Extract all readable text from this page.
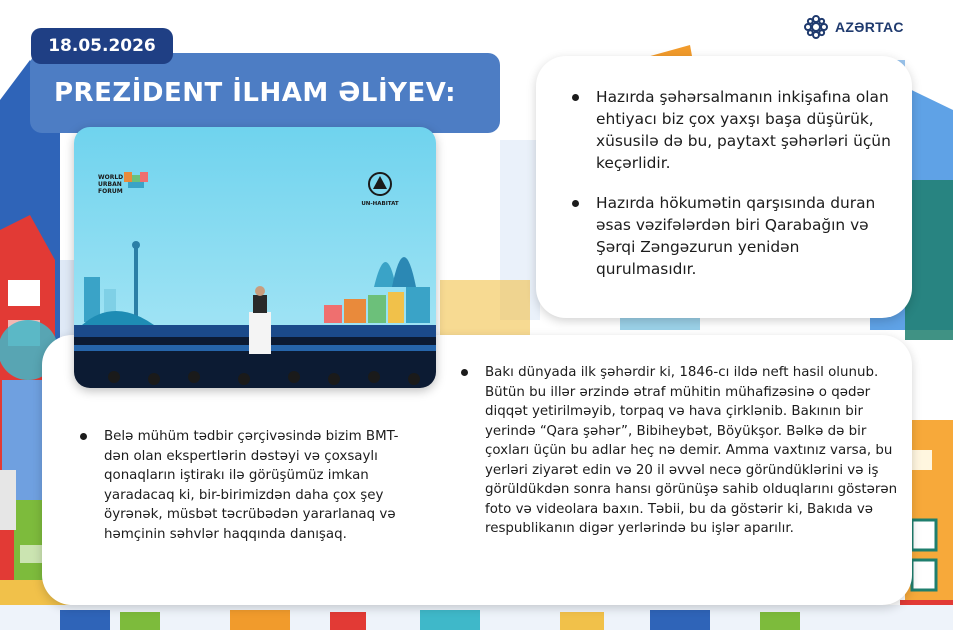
AZƏRTAC
PREZİDENT İLHAM ƏLİYEV:
18.05.2026
Hazırda şəhərsalmanın inkişafına olan ehtiyacı biz çox yaxşı başa düşürük, xüsusilə də bu, paytaxt şəhərləri üçün keçərlidir.
Hazırda hökumətin qarşısında duran əsas vəzifələrdən biri Qarabağın və Şərqi Zəngəzurun yenidən qurulmasıdır.
Belə mühüm tədbir çərçivəsində bizim BMT-dən olan ekspertlərin dəstəyi və çoxsaylı qonaqların iştirakı ilə görüşümüz imkan yaradacaq ki, bir-birimizdən daha çox şey öyrənək, müsbət təcrübədən yararlanaq və həmçinin səhvlər haqqında danışaq.
Bakı dünyada ilk şəhərdir ki, 1846-cı ildə neft hasil olunub. Bütün bu illər ərzində ətraf mühitin mühafizəsinə o qədər diqqət yetirilməyib, torpaq və hava çirklənib. Bakının bir yerində “Qara şəhər”, Bibiheybət, Böyükşor. Bəlkə də bir çoxları üçün bu adlar heç nə demir. Amma vaxtınız varsa, bu yerləri ziyarət edin və 20 il əvvəl necə göründüklərini və iş görüldükdən sonra hansı görünüşə sahib olduqlarını göstərən foto və videolara baxın. Təbii, bu da göstərir ki, Bakıda və respublikanın digər yerlərində bu işlər aparılır.
WORLD
URBAN
FORUM
UN-HABITAT
